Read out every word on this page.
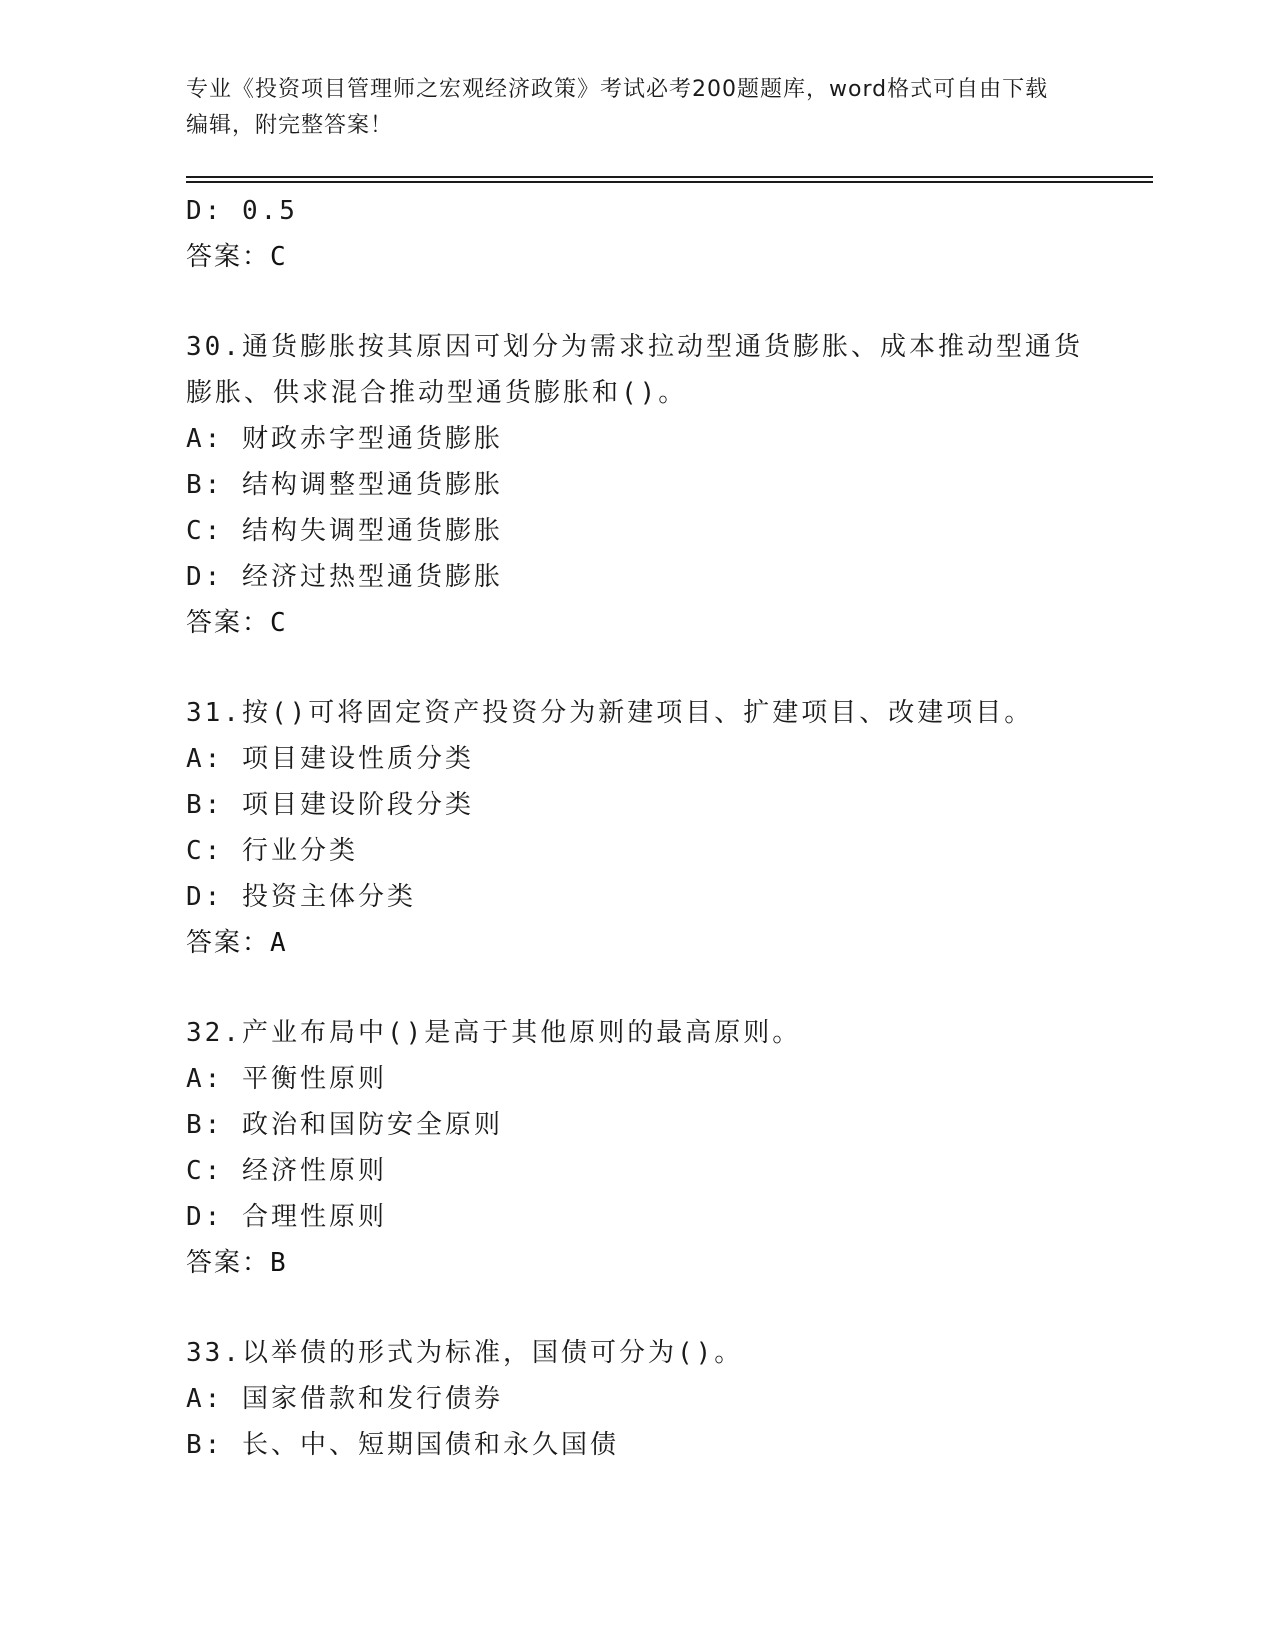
专业《投资项目管理师之宏观经济政策》考试必考200题题库，word格式可自由下载编辑，附完整答案！
D: 0.5
答案：C
30.通货膨胀按其原因可划分为需求拉动型通货膨胀、成本推动型通货
膨胀、供求混合推动型通货膨胀和()。
A: 财政赤字型通货膨胀
B: 结构调整型通货膨胀
C: 结构失调型通货膨胀
D: 经济过热型通货膨胀
答案：C
31.按()可将固定资产投资分为新建项目、扩建项目、改建项目。
A: 项目建设性质分类
B: 项目建设阶段分类
C: 行业分类
D: 投资主体分类
答案：A
32.产业布局中()是高于其他原则的最高原则。
A: 平衡性原则
B: 政治和国防安全原则
C: 经济性原则
D: 合理性原则
答案：B
33.以举债的形式为标准，国债可分为()。
A: 国家借款和发行债券
B: 长、中、短期国债和永久国债
